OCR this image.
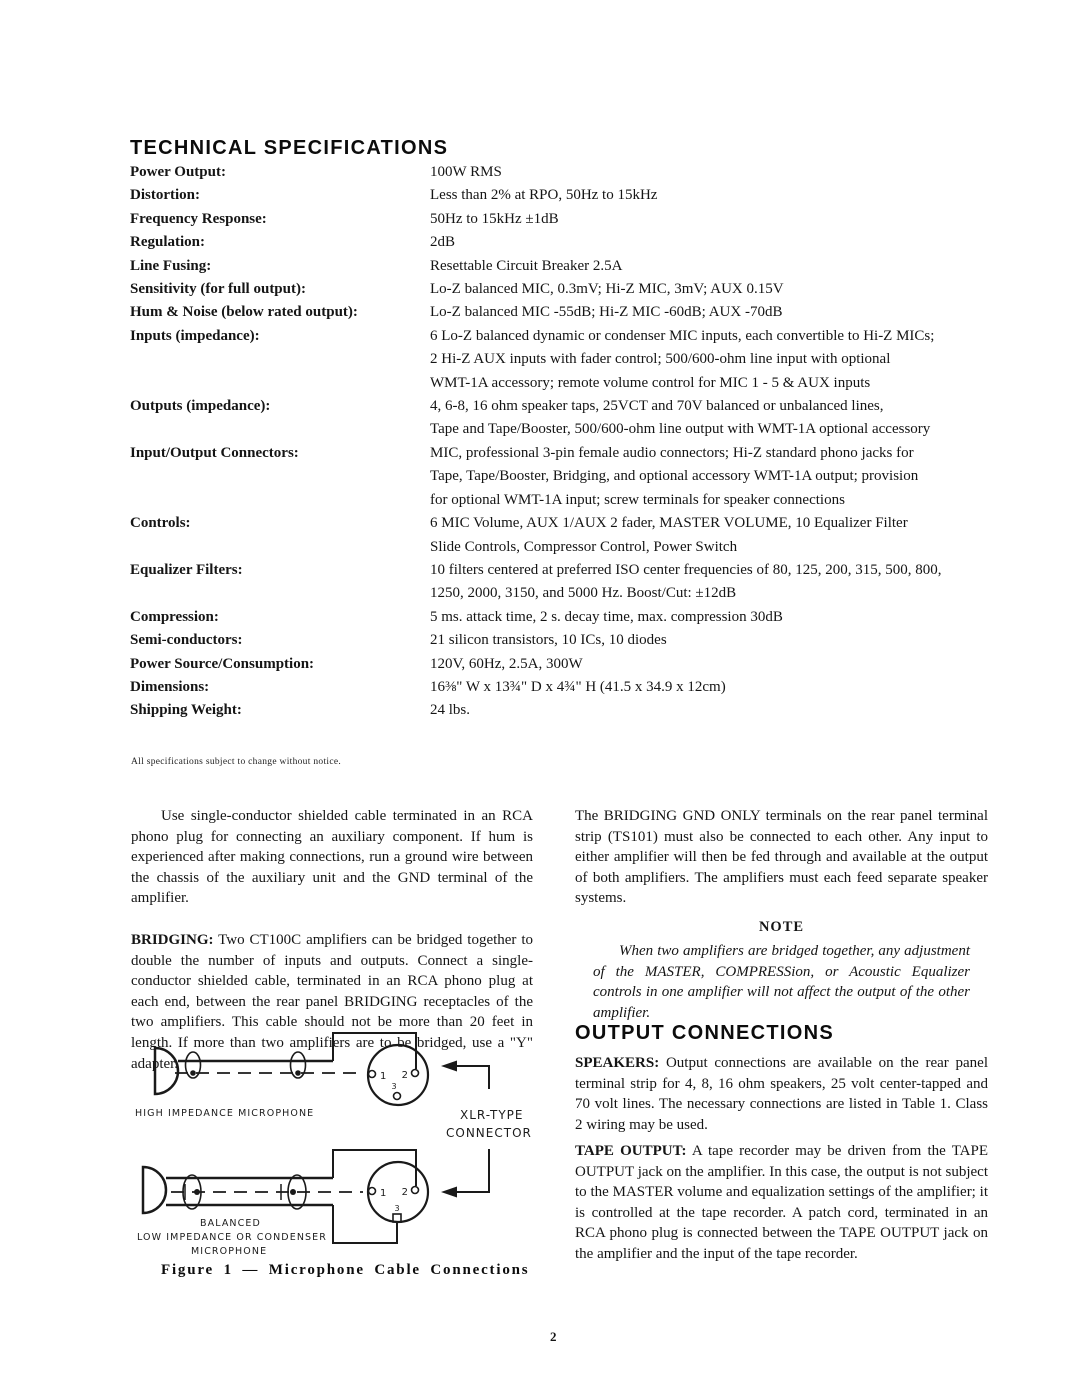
TECHNICAL SPECIFICATIONS
Power Output:	100W RMS
Distortion:	Less than 2% at RPO, 50Hz to 15kHz
Frequency Response:	50Hz to 15kHz ±1dB
Regulation:	2dB
Line Fusing:	Resettable Circuit Breaker 2.5A
Sensitivity (for full output):	Lo-Z balanced MIC, 0.3mV; Hi-Z MIC, 3mV; AUX 0.15V
Hum & Noise (below rated output):	Lo-Z balanced MIC -55dB; Hi-Z MIC -60dB; AUX -70dB
Inputs (impedance):	6 Lo-Z balanced dynamic or condenser MIC inputs, each convertible to Hi-Z MICs;
2 Hi-Z AUX inputs with fader control; 500/600-ohm line input with optional
WMT-1A accessory; remote volume control for MIC 1 - 5 & AUX inputs
Outputs (impedance):	4, 6-8, 16 ohm speaker taps, 25VCT and 70V balanced or unbalanced lines,
Tape and Tape/Booster, 500/600-ohm line output with WMT-1A optional accessory
Input/Output Connectors:	MIC, professional 3-pin female audio connectors; Hi-Z standard phono jacks for
Tape, Tape/Booster, Bridging, and optional accessory WMT-1A output; provision
for optional WMT-1A input; screw terminals for speaker connections
Controls:	6 MIC Volume, AUX 1/AUX 2 fader, MASTER VOLUME, 10 Equalizer Filter
Slide Controls, Compressor Control, Power Switch
Equalizer Filters:	10 filters centered at preferred ISO center frequencies of 80, 125, 200, 315, 500, 800,
1250, 2000, 3150, and 5000 Hz. Boost/Cut: ±12dB
Compression:	5 ms. attack time, 2 s. decay time, max. compression 30dB
Semi-conductors:	21 silicon transistors, 10 ICs, 10 diodes
Power Source/Consumption:	120V, 60Hz, 2.5A, 300W
Dimensions:	16⅜" W x 13¾" D x 4¾" H (41.5 x 34.9 x 12cm)
Shipping Weight:	24 lbs.
All specifications subject to change without notice.

Use single-conductor shielded cable terminated in an RCA phono plug for connecting an auxiliary component. If hum is experienced after making connections, run a ground wire between the chassis of the auxiliary unit and the GND terminal of the amplifier.

BRIDGING: Two CT100C amplifiers can be bridged together to double the number of inputs and outputs. Connect a single-conductor shielded cable, terminated in an RCA phono plug at each end, between the rear panel BRIDGING receptacles of the two amplifiers. This cable should not be more than 20 feet in length. If more than two amplifiers are to be bridged, use a "Y" adapter.

The BRIDGING GND ONLY terminals on the rear panel terminal strip (TS101) must also be connected to each other. Any input to either amplifier will then be fed through and available at the output of both amplifiers. The amplifiers must each feed separate speaker systems.
NOTE
When two amplifiers are bridged together, any adjustment of the MASTER, COMPRESSion, or Acoustic Equalizer controls in one amplifier will not affect the output of the other amplifier.
OUTPUT CONNECTIONS
SPEAKERS: Output connections are available on the rear panel terminal strip for 4, 8, 16 ohm speakers, 25 volt center-tapped and 70 volt lines. The necessary connections are listed in Table 1. Class 2 wiring may be used.
TAPE OUTPUT: A tape recorder may be driven from the TAPE OUTPUT jack on the amplifier. In this case, the output is not subject to the MASTER volume and equalization settings of the amplifier; it is controlled at the tape recorder. A patch cord, terminated in an RCA phono plug is connected between the TAPE OUTPUT jack on the amplifier and the input of the tape recorder.
1 2
3
1 2
3
HIGH IMPEDANCE MICROPHONE	XLR-TYPE
CONNECTOR
BALANCED
LOW IMPEDANCE OR CONDENSER
MICROPHONE
Figure 1 — Microphone Cable Connections
2
